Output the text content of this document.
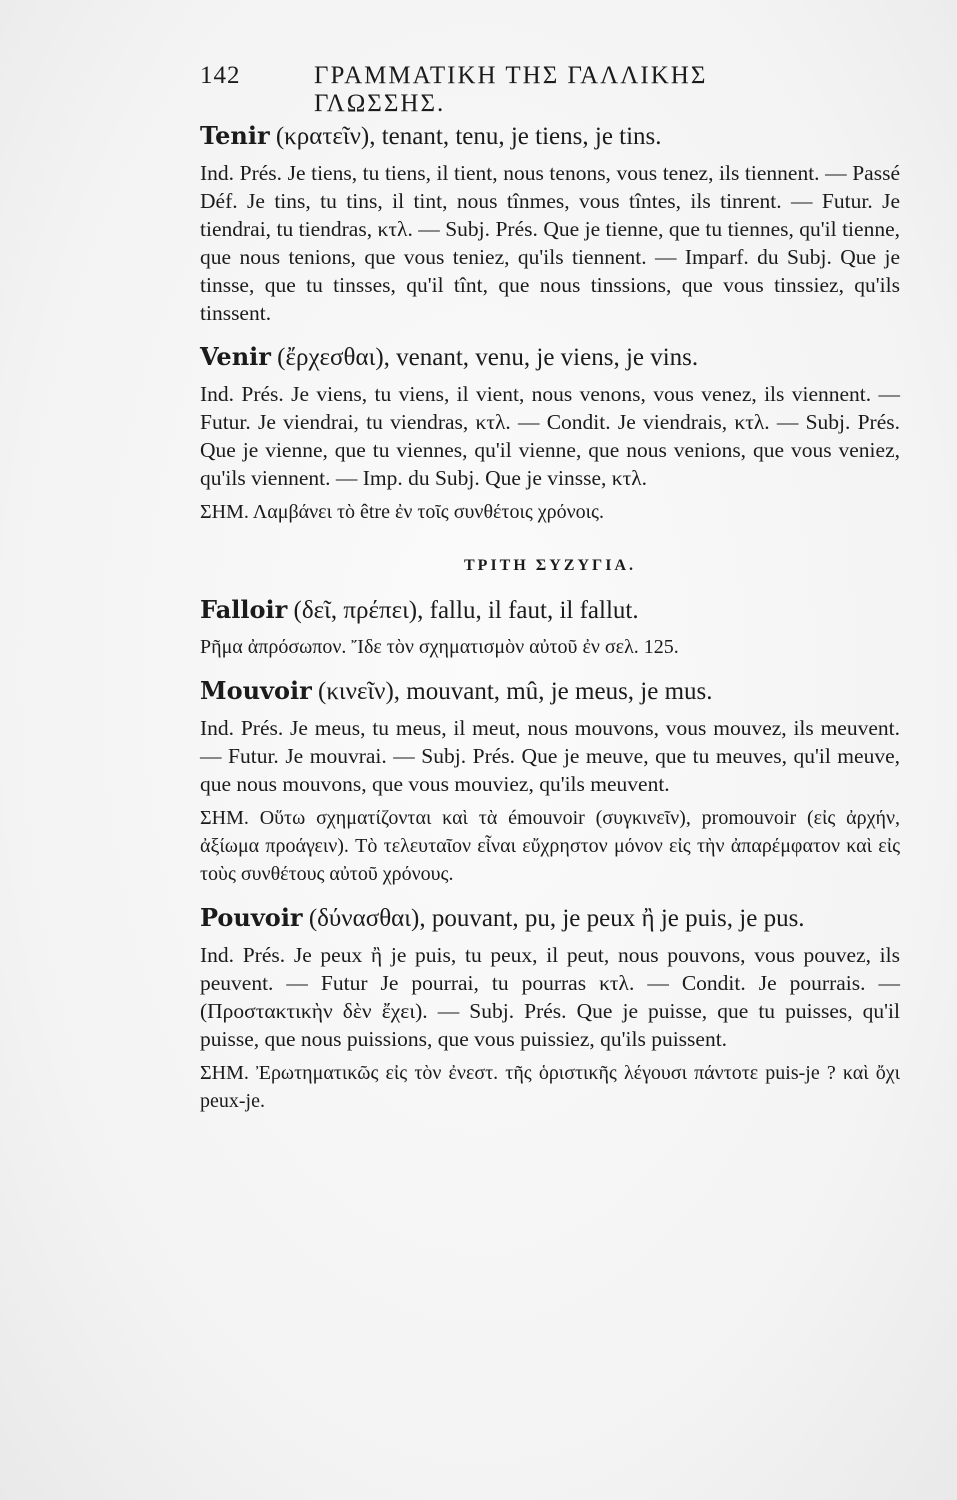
142	ΓΡΑΜΜΑΤΙΚΗ ΤΗΣ ΓΑΛΛΙΚΗΣ ΓΛΩΣΣΗΣ.
Tenir (κρατεῖν), tenant, tenu, je tiens, je tins.

Ind. Prés. Je tiens, tu tiens, il tient, nous tenons, vous tenez, ils tiennent. — Passé Déf. Je tins, tu tins, il tint, nous tînmes, vous tîntes, ils tinrent. — Futur. Je tiendrai, tu tiendras, κτλ. — Subj. Prés. Que je tienne, que tu tiennes, qu'il tienne, que nous tenions, que vous teniez, qu'ils tiennent. — Imparf. du Subj. Que je tinsse, que tu tinsses, qu'il tînt, que nous tinssions, que vous tinssiez, qu'ils tinssent.

Venir (ἔρχεσθαι), venant, venu, je viens, je vins.

Ind. Prés. Je viens, tu viens, il vient, nous venons, vous venez, ils viennent. — Futur. Je viendrai, tu viendras, κτλ. — Condit. Je viendrais, κτλ. — Subj. Prés. Que je vienne, que tu viennes, qu'il vienne, que nous venions, que vous veniez, qu'ils viennent. — Imp. du Subj. Que je vinsse, κτλ.

ΣΗΜ. Λαμβάνει τὸ être ἐν τοῖς συνθέτοις χρόνοις.

ΤΡΙΤΗ ΣΥΖΥΓΙΑ.
Falloir (δεῖ, πρέπει), fallu, il faut, il fallut.

Ρῆμα ἀπρόσωπον. Ἴδε τὸν σχηματισμὸν αὐτοῦ ἐν σελ. 125.

Mouvoir (κινεῖν), mouvant, mû, je meus, je mus.

Ind. Prés. Je meus, tu meus, il meut, nous mouvons, vous mouvez, ils meuvent. — Futur. Je mouvrai. — Subj. Prés. Que je meuve, que tu meuves, qu'il meuve, que nous mouvons, que vous mouviez, qu'ils meuvent.

ΣΗΜ. Οὕτω σχηματίζονται καὶ τὰ émouvoir (συγκινεῖν), promouvoir (εἰς ἀρχήν, ἀξίωμα προάγειν). Τὸ τελευταῖον εἶναι εὔχρηστον μόνον εἰς τὴν ἀπαρέμφατον καὶ εἰς τοὺς συνθέτους αὐτοῦ χρόνους.

Pouvoir (δύνασθαι), pouvant, pu, je peux ἢ je puis, je pus.

Ind. Prés. Je peux ἢ je puis, tu peux, il peut, nous pouvons, vous pouvez, ils peuvent. — Futur Je pourrai, tu pourras κτλ. — Condit. Je pourrais. — (Προστακτικὴν δὲν ἔχει). — Subj. Prés. Que je puisse, que tu puisses, qu'il puisse, que nous puissions, que vous puissiez, qu'ils puissent.

ΣΗΜ. Ἐρωτηματικῶς εἰς τὸν ἐνεστ. τῆς ὁριστικῆς λέγουσι πάντοτε puis-je ? καὶ ὄχι peux-je.
